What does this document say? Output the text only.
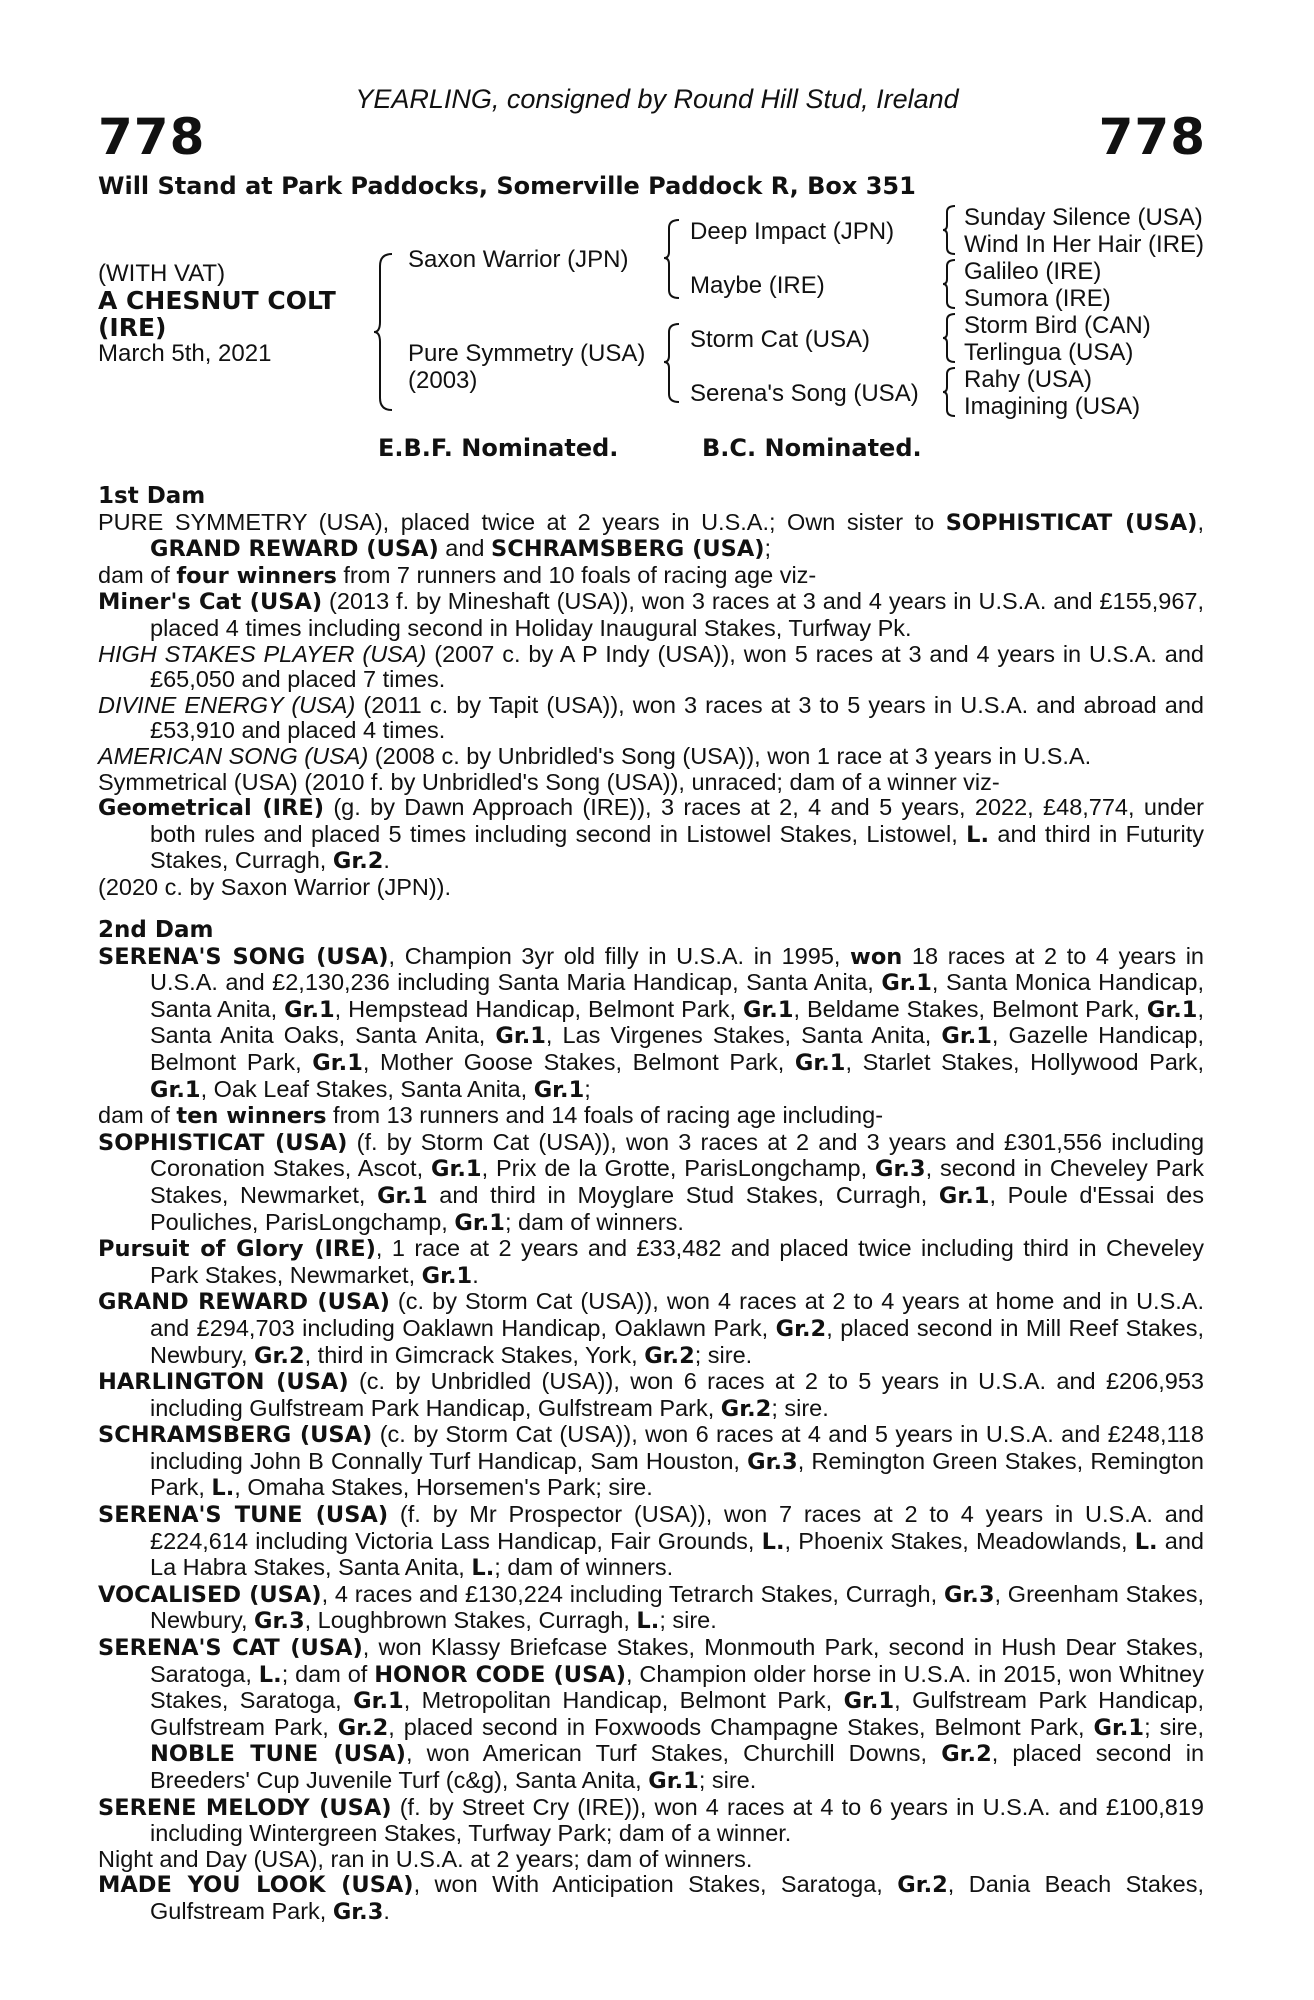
YEARLING, consigned by Round Hill Stud, Ireland
778	778
Will Stand at Park Paddocks, Somerville Paddock R, Box 351
(WITH VAT)
A CHESNUT COLT
(IRE)
March 5th, 2021
Saxon Warrior (JPN)
Pure Symmetry (USA)
(2003)
Deep Impact (JPN)
Maybe (IRE)
Storm Cat (USA)
Serena's Song (USA)
Sunday Silence (USA)
Wind In Her Hair (IRE)
Galileo (IRE)
Sumora (IRE)
Storm Bird (CAN)
Terlingua (USA)
Rahy (USA)
Imagining (USA)
E.B.F. Nominated.	B.C. Nominated.

1st Dam

PURE SYMMETRY (USA), placed twice at 2 years in U.S.A.; Own sister to SOPHISTICAT (USA), GRAND REWARD (USA) and SCHRAMSBERG (USA);

dam of four winners from 7 runners and 10 foals of racing age viz-

Miner's Cat (USA) (2013 f. by Mineshaft (USA)), won 3 races at 3 and 4 years in U.S.A. and £155,967, placed 4 times including second in Holiday Inaugural Stakes, Turfway Pk.

HIGH STAKES PLAYER (USA) (2007 c. by A P Indy (USA)), won 5 races at 3 and 4 years in U.S.A. and £65,050 and placed 7 times.

DIVINE ENERGY (USA) (2011 c. by Tapit (USA)), won 3 races at 3 to 5 years in U.S.A. and abroad and £53,910 and placed 4 times.

AMERICAN SONG (USA) (2008 c. by Unbridled's Song (USA)), won 1 race at 3 years in U.S.A.

Symmetrical (USA) (2010 f. by Unbridled's Song (USA)), unraced; dam of a winner viz-

Geometrical (IRE) (g. by Dawn Approach (IRE)), 3 races at 2, 4 and 5 years, 2022, £48,774, under both rules and placed 5 times including second in Listowel Stakes, Listowel, L. and third in Futurity Stakes, Curragh, Gr.2.

(2020 c. by Saxon Warrior (JPN)).

2nd Dam

SERENA'S SONG (USA), Champion 3yr old filly in U.S.A. in 1995, won 18 races at 2 to 4 years in U.S.A. and £2,130,236 including Santa Maria Handicap, Santa Anita, Gr.1, Santa Monica Handicap, Santa Anita, Gr.1, Hempstead Handicap, Belmont Park, Gr.1, Beldame Stakes, Belmont Park, Gr.1, Santa Anita Oaks, Santa Anita, Gr.1, Las Virgenes Stakes, Santa Anita, Gr.1, Gazelle Handicap, Belmont Park, Gr.1, Mother Goose Stakes, Belmont Park, Gr.1, Starlet Stakes, Hollywood Park, Gr.1, Oak Leaf Stakes, Santa Anita, Gr.1;

dam of ten winners from 13 runners and 14 foals of racing age including-

SOPHISTICAT (USA) (f. by Storm Cat (USA)), won 3 races at 2 and 3 years and £301,556 including Coronation Stakes, Ascot, Gr.1, Prix de la Grotte, ParisLongchamp, Gr.3, second in Cheveley Park Stakes, Newmarket, Gr.1 and third in Moyglare Stud Stakes, Curragh, Gr.1, Poule d'Essai des Pouliches, ParisLongchamp, Gr.1; dam of winners.

Pursuit of Glory (IRE), 1 race at 2 years and £33,482 and placed twice including third in Cheveley Park Stakes, Newmarket, Gr.1.

GRAND REWARD (USA) (c. by Storm Cat (USA)), won 4 races at 2 to 4 years at home and in U.S.A. and £294,703 including Oaklawn Handicap, Oaklawn Park, Gr.2, placed second in Mill Reef Stakes, Newbury, Gr.2, third in Gimcrack Stakes, York, Gr.2; sire.

HARLINGTON (USA) (c. by Unbridled (USA)), won 6 races at 2 to 5 years in U.S.A. and £206,953 including Gulfstream Park Handicap, Gulfstream Park, Gr.2; sire.

SCHRAMSBERG (USA) (c. by Storm Cat (USA)), won 6 races at 4 and 5 years in U.S.A. and £248,118 including John B Connally Turf Handicap, Sam Houston, Gr.3, Remington Green Stakes, Remington Park, L., Omaha Stakes, Horsemen's Park; sire.

SERENA'S TUNE (USA) (f. by Mr Prospector (USA)), won 7 races at 2 to 4 years in U.S.A. and £224,614 including Victoria Lass Handicap, Fair Grounds, L., Phoenix Stakes, Meadowlands, L. and La Habra Stakes, Santa Anita, L.; dam of winners.

VOCALISED (USA), 4 races and £130,224 including Tetrarch Stakes, Curragh, Gr.3, Greenham Stakes, Newbury, Gr.3, Loughbrown Stakes, Curragh, L.; sire.

SERENA'S CAT (USA), won Klassy Briefcase Stakes, Monmouth Park, second in Hush Dear Stakes, Saratoga, L.; dam of HONOR CODE (USA), Champion older horse in U.S.A. in 2015, won Whitney Stakes, Saratoga, Gr.1, Metropolitan Handicap, Belmont Park, Gr.1, Gulfstream Park Handicap, Gulfstream Park, Gr.2, placed second in Foxwoods Champagne Stakes, Belmont Park, Gr.1; sire, NOBLE TUNE (USA), won American Turf Stakes, Churchill Downs, Gr.2, placed second in Breeders' Cup Juvenile Turf (c&g), Santa Anita, Gr.1; sire.

SERENE MELODY (USA) (f. by Street Cry (IRE)), won 4 races at 4 to 6 years in U.S.A. and £100,819 including Wintergreen Stakes, Turfway Park; dam of a winner.

Night and Day (USA), ran in U.S.A. at 2 years; dam of winners.

MADE YOU LOOK (USA), won With Anticipation Stakes, Saratoga, Gr.2, Dania Beach Stakes, Gulfstream Park, Gr.3.
